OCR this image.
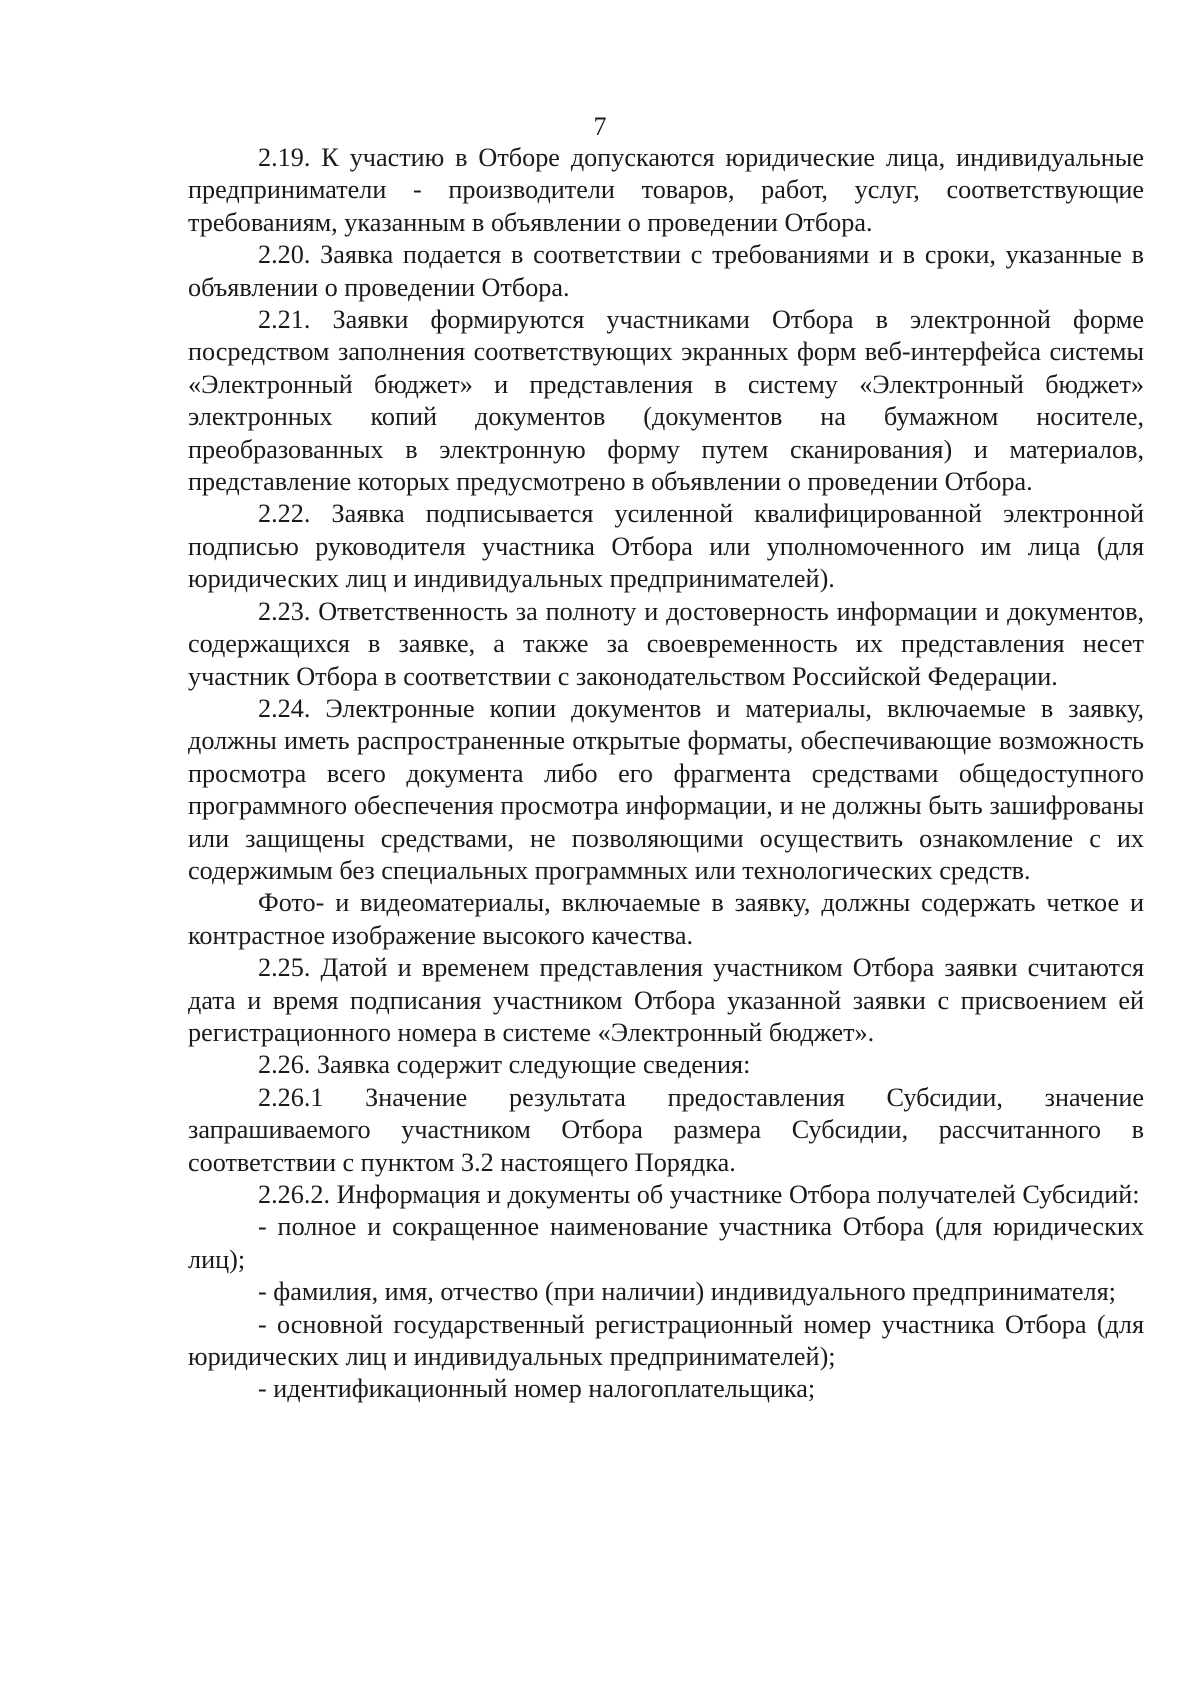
7

2.19. К участию в Отборе допускаются юридические лица, индивидуальные предприниматели - производители товаров, работ, услуг, соответствующие требованиям, указанным в объявлении о проведении Отбора.

2.20. Заявка подается в соответствии с требованиями и в сроки, указанные в объявлении о проведении Отбора.

2.21. Заявки формируются участниками Отбора в электронной форме посредством заполнения соответствующих экранных форм веб-интерфейса системы «Электронный бюджет» и представления в систему «Электронный бюджет» электронных копий документов (документов на бумажном носителе, преобразованных в электронную форму путем сканирования) и материалов, представление которых предусмотрено в объявлении о проведении Отбора.

2.22. Заявка подписывается усиленной квалифицированной электронной подписью руководителя участника Отбора или уполномоченного им лица (для юридических лиц и индивидуальных предпринимателей).

2.23. Ответственность за полноту и достоверность информации и документов, содержащихся в заявке, а также за своевременность их представления несет участник Отбора в соответствии с законодательством Российской Федерации.

2.24. Электронные копии документов и материалы, включаемые в заявку, должны иметь распространенные открытые форматы, обеспечивающие возможность просмотра всего документа либо его фрагмента средствами общедоступного программного обеспечения просмотра информации, и не должны быть зашифрованы или защищены средствами, не позволяющими осуществить ознакомление с их содержимым без специальных программных или технологических средств.

Фото- и видеоматериалы, включаемые в заявку, должны содержать четкое и контрастное изображение высокого качества.

2.25. Датой и временем представления участником Отбора заявки считаются дата и время подписания участником Отбора указанной заявки с присвоением ей регистрационного номера в системе «Электронный бюджет».

2.26. Заявка содержит следующие сведения:

2.26.1 Значение результата предоставления Субсидии, значение запрашиваемого участником Отбора размера Субсидии, рассчитанного в соответствии с пунктом 3.2 настоящего Порядка.

2.26.2. Информация и документы об участнике Отбора получателей Субсидий:

- полное и сокращенное наименование участника Отбора (для юридических лиц);

- фамилия, имя, отчество (при наличии) индивидуального предпринимателя;

- основной государственный регистрационный номер участника Отбора (для юридических лиц и индивидуальных предпринимателей);

- идентификационный номер налогоплательщика;
